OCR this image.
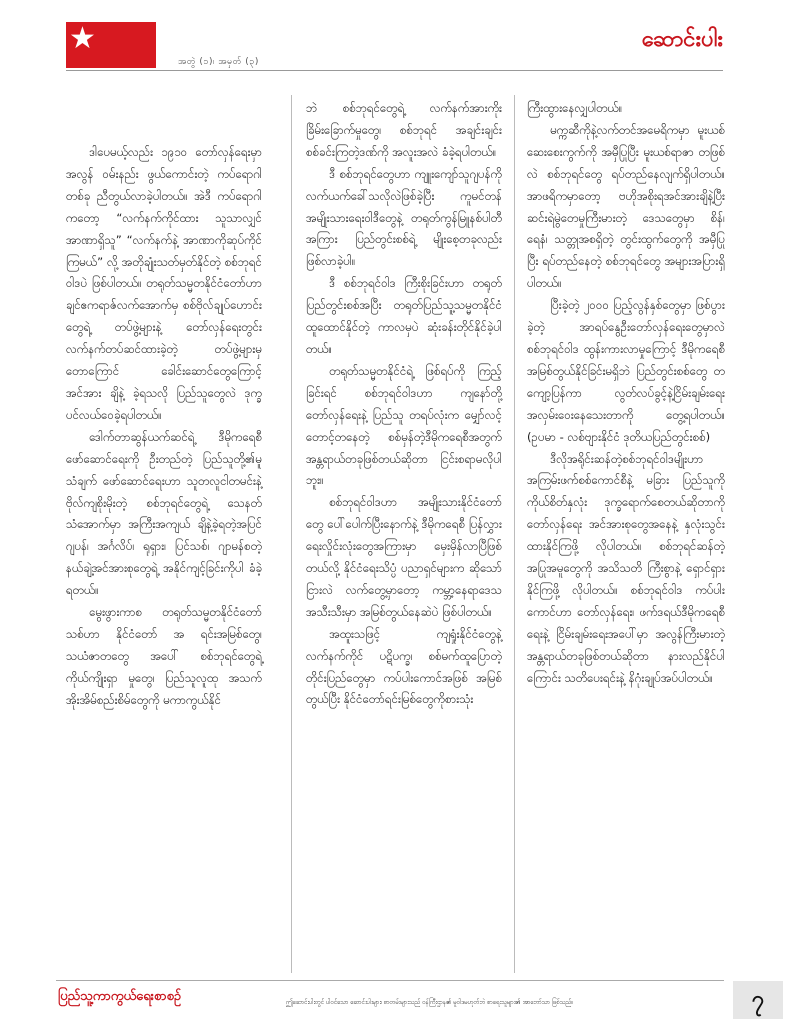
★
အတွဲ (၁)၊ အမှတ် (၃)
ဆောင်းပါး

ဒါပေမယ့်လည်း ၁၉၁၀ တော်လှန်ရေးမှာ အလွန် ဝမ်းနည်း ဖွယ်ကောင်းတဲ့ ကပ်ရောဂါတစ်ခု ညီတွယ်လာခဲ့ပါတယ်။ အဲဒီ ကပ်ရောဂါကတော့ “လက်နက်ကိုင်ထား သူသာလျှင် အာဏာရှိသူ” “လက်နက်နဲ့ အာဏာကိုဆုပ်ကိုင်ကြမယ်” လို့ အတိုချုံးသတ်မှတ်နိုင်တဲ့ စစ်ဘုရင်ဝါဒပဲ ဖြစ်ပါတယ်။ တရုတ်သမ္မတနိုင်ငံတော်ဟာ ချင်ဧကရာဇ်လက်အောက်မှ စစ်ဗိုလ်ချုပ်ဟောင်းတွေရဲ့ တပ်ဖွဲ့များနဲ့ တော်လှန်ရေးတွင်း လက်နက်တပ်ဆင်ထားခဲ့တဲ့ တပ်ဖွဲ့များမှ တောကြောင် ခေါင်းဆောင်တွေကြောင့် အင်အား ချိနဲ့ ခဲ့ရသလို ပြည်သူတွေလဲ ဒုက္ခပင်လယ်ဝေခဲ့ရပါတယ်။

ဒေါက်တာဆွန်ယက်ဆင်ရဲ့ ဒီမိုကရေစီ ဖော်ဆောင်ရေးကို ဦးတည်တဲ့ ပြည်သူတို့၏မူသံချက် ဖော်ဆောင်ရေးဟာ သူတလူငါတမင်းနဲ့ ဗိုလ်ကျစိုးမိုးတဲ့ စစ်ဘုရင်တွေရဲ့ သေနတ်သံအောက်မှာ အကြီးအကျယ် ချိနဲ့ခဲ့ရတဲ့အပြင် ဂျပန်၊ အင်္ဂလိပ်၊ ရုရှား၊ ပြင်သစ်၊ ဂျာမန်စတဲ့ နယ်ချဲ့အင်အားစုတွေရဲ့ အနိုင်ကျင့်ခြင်းကိုပါ ခံခဲ့ရတယ်။

မွေးဖွားကာစ တရုတ်သမ္မတနိုင်ငံတော်သစ်ဟာ နိုင်ငံတော် အ ရင်းအမြစ်တွေ၊ သယံဇာတတွေ အပေါ် စစ်ဘုရင်တွေရဲ့ ကိုယ်ကျိုးရှာ မှုတွေ၊ ပြည်သူလူထု အသက် အိုးအိမ်စည်းစိမ်တွေကို မကာကွယ်နိုင်

ဘဲ စစ်ဘုရင်တွေရဲ့ လက်နက်အားကိုး ခြိမ်းခြောက်မှုတွေ၊ စစ်ဘုရင် အချင်းချင်း စစ်ခင်းကြတဲ့ဒဏ်ကို အလူးအလဲ ခံခဲ့ရပါတယ်။

ဒီ စစ်ဘုရင်တွေဟာ ကျူးကျော်သူဂျပန်ကို လက်ယက်ခေါ်သလိုလဲဖြစ်ခဲ့ပြီး ကူမင်တန် အမျိုးသားရေးဝါဒီတွေနဲ့ တရုတ်ကွန်မြူနစ်ပါတီအကြား ပြည်တွင်းစစ်ရဲ့ မျိုးစေ့တခုလည်း ဖြစ်လာခဲ့ပါ။

ဒီ စစ်ဘုရင်ဝါဒ ကြီးစိုးခြင်းဟာ တရုတ်ပြည်တွင်းစစ်အပြီး တရုတ်ပြည်သူ့သမ္မတနိုင်ငံ ထူထောင်နိုင်တဲ့ ကာလမှပဲ ဆုံးခန်းတိုင်နိုင်ခဲ့ပါတယ်။

တရုတ်သမ္မတနိုင်ငံရဲ့ ဖြစ်ရပ်ကို ကြည့်ခြင်းရင် စစ်ဘုရင်ဝါဒဟာ ကျနော်တို့ တော်လှန်ရေးနဲ့ ပြည်သူ တရပ်လုံးက မျှော်လင့် တောင့်တနေတဲ့ စစ်မှန်တဲ့ဒီမိုကရေစီအတွက် အန္တရာယ်တခုဖြစ်တယ်ဆိုတာ ငြင်းစရာမလိုပါဘူး။

စစ်ဘုရင်ဝါဒဟာ အမျိုးသားနိုင်ငံတော်တွေ ပေါ်ပေါက်ပြီးနောက်နဲ့ ဒီမိုကရေစီ ပြန်လွှားရေးလှိုင်းလုံးတွေအကြားမှာ မှေးမှိန်လာပြီဖြစ်တယ်လို့ နိုင်ငံရေးသိပ္ပံ ပညာရှင်များက ဆိုသော်ငြားလဲ လက်တွေ့မှာတော့ ကမ္ဘာ့နေရာဒေသ အသီးသီးမှာ အမြစ်တွယ်နေဆဲပဲ ဖြစ်ပါတယ်။

အထူးသဖြင့် ကျရှုံးနိုင်ငံတွေနဲ့ လက်နက်ကိုင် ပဋိပက္ခ၊ စစ်မက်ထူပြောတဲ့ တိုင်းပြည်တွေမှာ ကပ်ပါးကောင်အဖြစ် အမြစ်တွယ်ပြီး နိုင်ငံတော်ရင်းမြစ်တွေကိုစားသုံး

ကြီးထွားနေလျှပါတယ်။

မက္ကဆီကိုနဲ့လက်တင်အမေရိကမှာ မူးယစ်ဆေးစေးကွက်ကို အမှီပြုပြီး မူးယစ်ရာဇာ တဖြစ်လဲ စစ်ဘုရင်တွေ ရပ်တည်နေလျက်ရှိပါတယ်။ အာဖရိကမှာတော့ ဗဟိုအစိုးရအင်အားချိနဲ့ပြီး ဆင်းရဲမွဲတေမှုကြီးမားတဲ့ ဒေသတွေမှာ စိန်၊ ရေနံ၊ သတ္တုအစရှိတဲ့ တွင်းထွက်တွေကို အမှီပြုပြီး ရပ်တည်နေတဲ့ စစ်ဘုရင်တွေ အများအပြားရှိပါတယ်။

ပြီးခဲ့တဲ့ ၂၀၀၀ ပြည့်လွန်နှစ်တွေမှာ ဖြစ်ပွားခဲ့တဲ့ အာရပ်နွေဦးတော်လှန်ရေးတွေမှာလဲ စစ်ဘုရင်ဝါဒ ထွန်းကားလာမှုကြောင့် ဒီမိုကရေစီ အမြစ်တွယ်နိုင်ခြင်းမရှိဘဲ ပြည်တွင်းစစ်တွေ တကျော့ပြန်ကာ လွတ်လပ်ခွင့်နဲ့ငြိမ်းချမ်းရေးအလှမ်းဝေးနေသေးတာကို တွေ့ရပါတယ်။ (ဥပမာ - လစ်ဗျားနိုင်ငံ ဒုတိယပြည်တွင်းစစ်)

ဒီလိုအရိုင်းဆန်တဲ့စစ်ဘုရင်ဝါဒမျိုးဟာ အကြမ်းဖက်စစ်ကောင်စီနဲ့ မခြား ပြည်သူကို ကိုယ်စိတ်နှလုံး ဒုက္ခရောက်စေတယ်ဆိုတာကို တော်လှန်ရေး အင်အားစုတွေအနေနဲ့ နှလုံးသွင်းထားနိုင်ကြဖို့ လိုပါတယ်။ စစ်ဘုရင်ဆန်တဲ့ အပြုအမူတွေကို အသိသတိ ကြီးစွာနဲ့ ရှောင်ရှားနိုင်ကြဖို့ လိုပါတယ်။ စစ်ဘုရင်ဝါဒ ကပ်ပါးကောင်ဟာ တော်လှန်ရေး၊ ဖက်ဒရယ်ဒီမိုကရေစီရေးနဲ့ ငြိမ်းချမ်းရေးအပေါ်မှာ အလွန်ကြီးမားတဲ့ အန္တရာယ်တခုဖြစ်တယ်ဆိုတာ နားလည်နိုင်ပါကြောင်း သတိပေးရင်းနဲ့ နိဂုံးချုပ်အပ်ပါတယ်။

ပြည်သူ့ကာကွယ်ရေးစာစဉ်	ဤဆောင်းပါးတွင် ပါဝင်သော ဆောင်းပါးများ၊ စာတမ်းများသည် ဝန်ကြီးဌာန၏ မူဝါဒမဟုတ်ဘဲ စာရေးသူများ၏ အာဘော်သာ ဖြစ်သည်။	၇
